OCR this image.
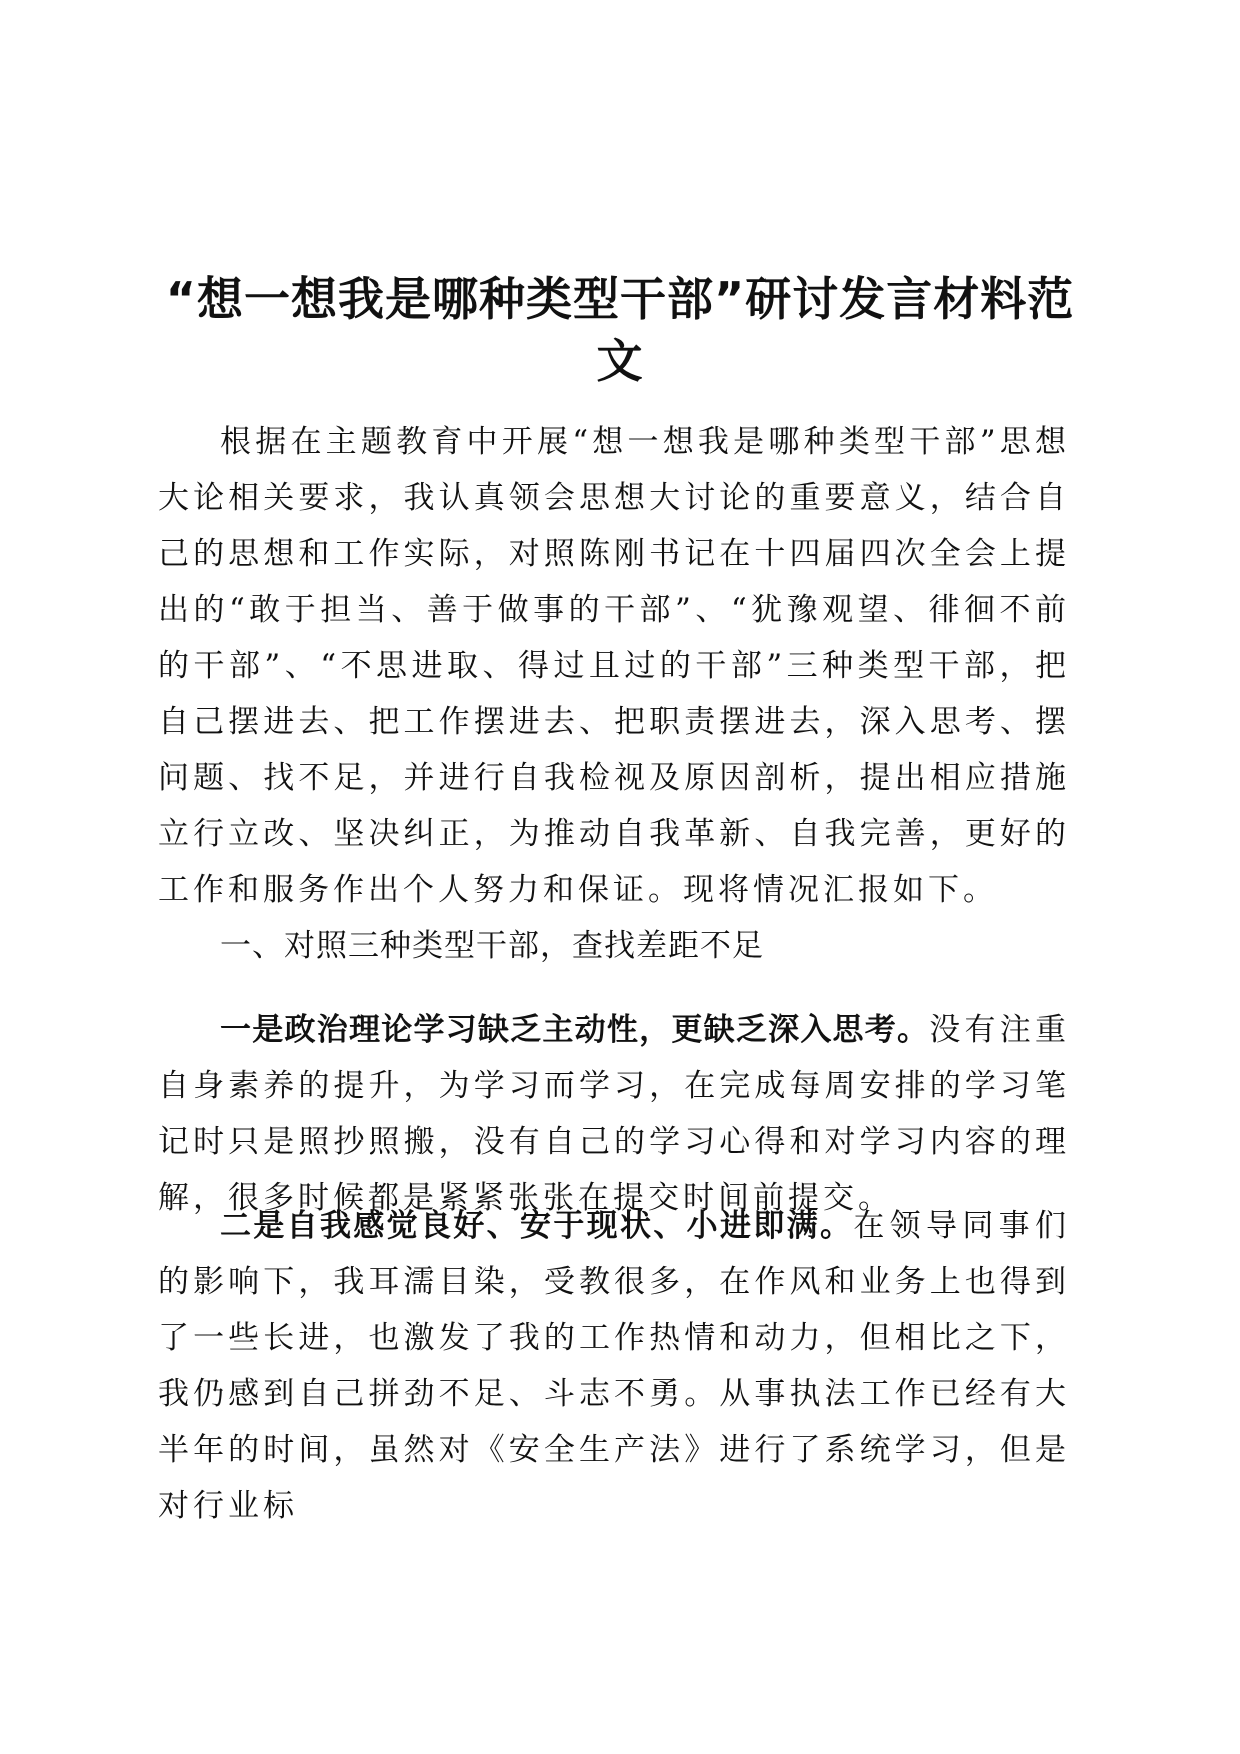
“想一想我是哪种类型干部”研讨发言材料范文

根据在主题教育中开展“想一想我是哪种类型干部”思想大论相关要求，我认真领会思想大讨论的重要意义，结合自己的思想和工作实际，对照陈刚书记在十四届四次全会上提出的“敢于担当、善于做事的干部”、“犹豫观望、徘徊不前的干部”、“不思进取、得过且过的干部”三种类型干部，把自己摆进去、把工作摆进去、把职责摆进去，深入思考、摆问题、找不足，并进行自我检视及原因剖析，提出相应措施立行立改、坚决纠正，为推动自我革新、自我完善，更好的工作和服务作出个人努力和保证。现将情况汇报如下。

一、对照三种类型干部，查找差距不足

一是政治理论学习缺乏主动性，更缺乏深入思考。没有注重自身素养的提升，为学习而学习，在完成每周安排的学习笔记时只是照抄照搬，没有自己的学习心得和对学习内容的理解，很多时候都是紧紧张张在提交时间前提交。

二是自我感觉良好、安于现状、小进即满。在领导同事们的影响下，我耳濡目染，受教很多，在作风和业务上也得到了一些长进，也激发了我的工作热情和动力，但相比之下，我仍感到自己拼劲不足、斗志不勇。从事执法工作已经有大半年的时间，虽然对《安全生产法》进行了系统学习，但是对行业标
